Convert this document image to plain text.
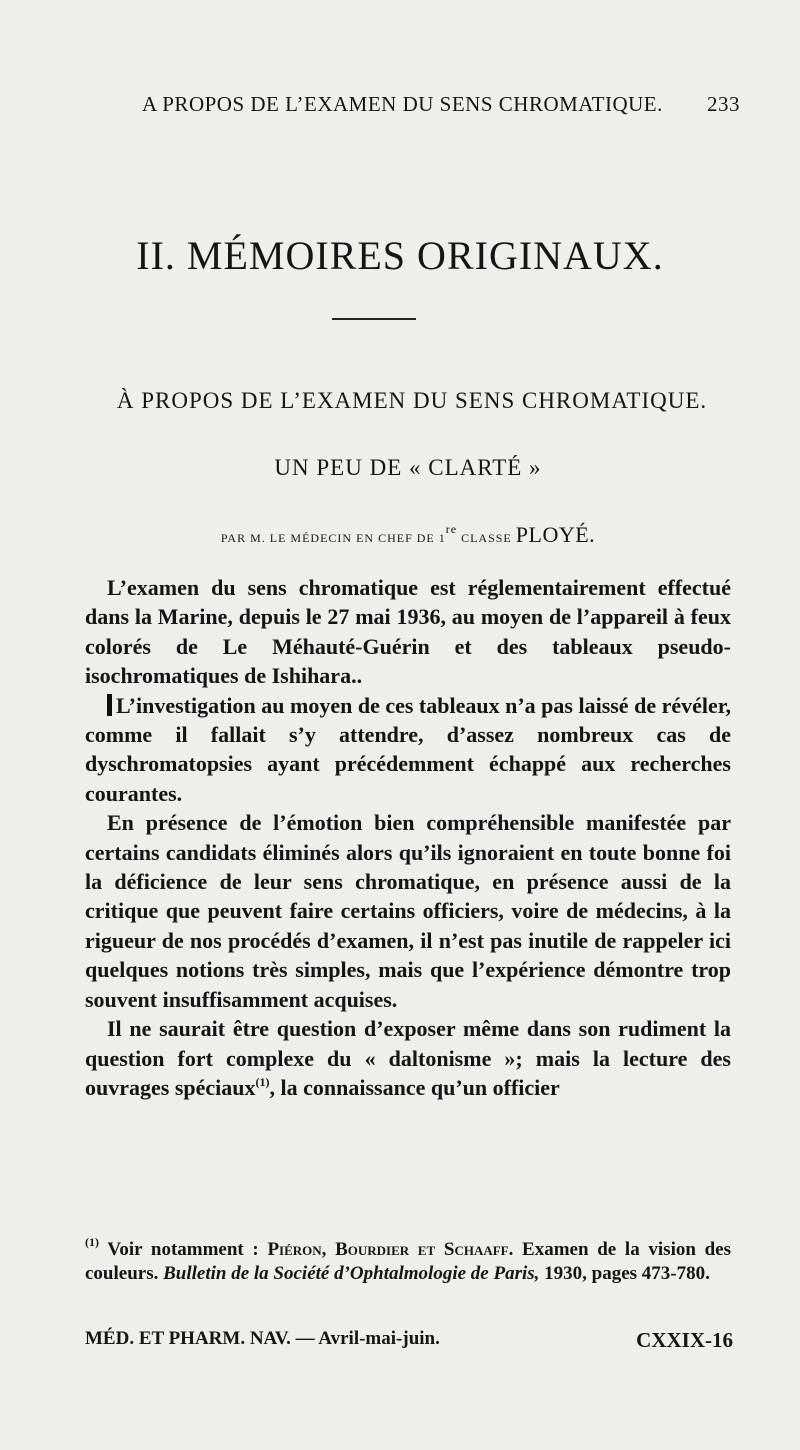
A PROPOS DE L’EXAMEN DU SENS CHROMATIQUE. 233
II. MÉMOIRES ORIGINAUX.
À PROPOS DE L’EXAMEN DU SENS CHROMATIQUE.
UN PEU DE « CLARTÉ »
PAR M. LE MÉDECIN EN CHEF DE 1re CLASSE PLOYÉ.

L’examen du sens chromatique est réglementairement effectué dans la Marine, depuis le 27 mai 1936, au moyen de l’appareil à feux colorés de Le Méhauté-Guérin et des tableaux pseudo-isochromatiques de Ishihara..

L’investigation au moyen de ces tableaux n’a pas laissé de révéler, comme il fallait s’y attendre, d’assez nombreux cas de dyschromatopsies ayant précédemment échappé aux recherches courantes.

En présence de l’émotion bien compréhensible manifestée par certains candidats éliminés alors qu’ils ignoraient en toute bonne foi la déficience de leur sens chromatique, en présence aussi de la critique que peuvent faire certains officiers, voire de médecins, à la rigueur de nos procédés d’examen, il n’est pas inutile de rappeler ici quelques notions très simples, mais que l’expérience démontre trop souvent insuffisamment acquises.

Il ne saurait être question d’exposer même dans son rudiment la question fort complexe du « daltonisme »; mais la lecture des ouvrages spéciaux$^{(1)}$, la connaissance qu’un officier

$^{(1)}$ Voir notamment : Piéron, Bourdier et Schaaff. Examen de la vision des couleurs. Bulletin de la Société d’Ophtalmologie de Paris, 1930, pages 473-780.
MÉD. ET PHARM. NAV. — Avril-mai-juin.	CXXIX-16
